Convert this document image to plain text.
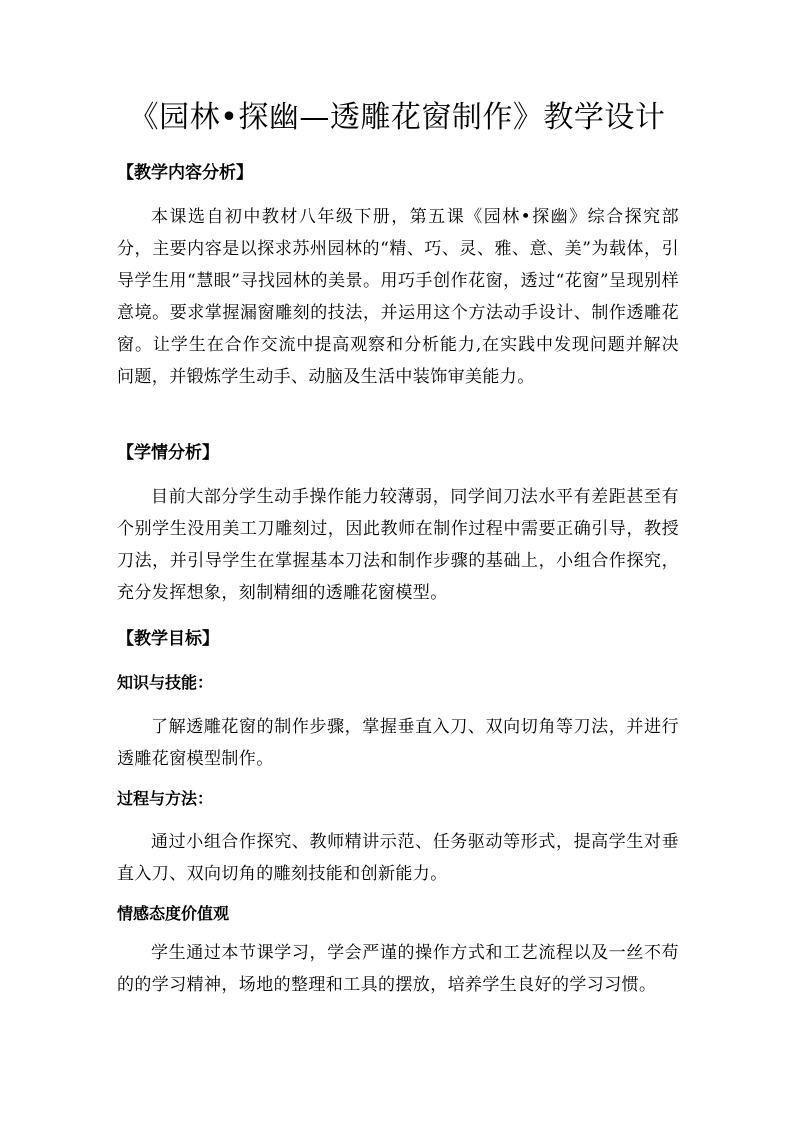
《园林•探幽—透雕花窗制作》教学设计
【教学内容分析】

本课选自初中教材八年级下册，第五课《园林•探幽》综合探究部分，主要内容是以探求苏州园林的“精、巧、灵、雅、意、美”为载体，引导学生用“慧眼”寻找园林的美景。用巧手创作花窗，透过“花窗”呈现别样意境。要求掌握漏窗雕刻的技法，并运用这个方法动手设计、制作透雕花窗。让学生在合作交流中提高观察和分析能力,在实践中发现问题并解决问题，并锻炼学生动手、动脑及生活中装饰审美能力。

【学情分析】

目前大部分学生动手操作能力较薄弱，同学间刀法水平有差距甚至有个别学生没用美工刀雕刻过，因此教师在制作过程中需要正确引导，教授刀法，并引导学生在掌握基本刀法和制作步骤的基础上，小组合作探究，充分发挥想象，刻制精细的透雕花窗模型。

【教学目标】
知识与技能：

了解透雕花窗的制作步骤，掌握垂直入刀、双向切角等刀法，并进行透雕花窗模型制作。

过程与方法：

通过小组合作探究、教师精讲示范、任务驱动等形式，提高学生对垂直入刀、双向切角的雕刻技能和创新能力。

情感态度价值观

学生通过本节课学习，学会严谨的操作方式和工艺流程以及一丝不苟的的学习精神，场地的整理和工具的摆放，培养学生良好的学习习惯。
